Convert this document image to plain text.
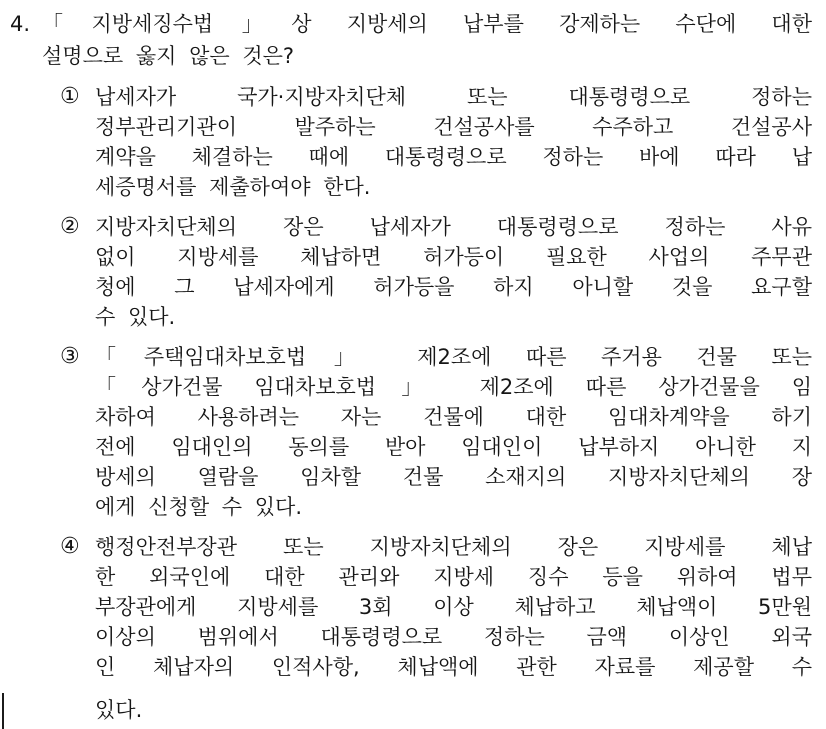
4. 「지방세징수법」상 지방세의 납부를 강제하는 수단에 대한
설명으로 옳지 않은 것은?
① 납세자가 국가·지방자치단체 또는 대통령령으로 정하는
정부관리기관이 발주하는 건설공사를 수주하고 건설공사
계약을 체결하는 때에 대통령령으로 정하는 바에 따라 납
세증명서를 제출하여야 한다.
② 지방자치단체의 장은 납세자가 대통령령으로 정하는 사유
없이 지방세를 체납하면 허가등이 필요한 사업의 주무관
청에 그 납세자에게 허가등을 하지 아니할 것을 요구할
수 있다.
③ 「주택임대차보호법」 제2조에 따른 주거용 건물 또는
「상가건물 임대차보호법」 제2조에 따른 상가건물을 임
차하여 사용하려는 자는 건물에 대한 임대차계약을 하기
전에 임대인의 동의를 받아 임대인이 납부하지 아니한 지
방세의 열람을 임차할 건물 소재지의 지방자치단체의 장
에게 신청할 수 있다.
④ 행정안전부장관 또는 지방자치단체의 장은 지방세를 체납
한 외국인에 대한 관리와 지방세 징수 등을 위하여 법무
부장관에게 지방세를 3회 이상 체납하고 체납액이 5만원
이상의 범위에서 대통령령으로 정하는 금액 이상인 외국
인 체납자의 인적사항, 체납액에 관한 자료를 제공할 수
있다.
